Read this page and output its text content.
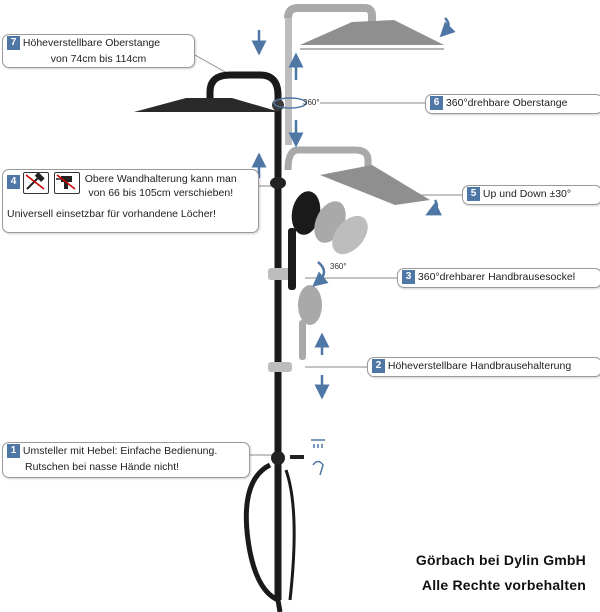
360°
360°
7 Höheverstellbare Oberstange
von 74cm bis 114cm
6 360°drehbare Oberstange
4	Obere Wandhalterung kann man
von 66 bis 105cm verschieben!
Universell einsetzbar für vorhandene Löcher!
5 Up und Down ±30°
3 360°drehbarer Handbrausesockel
2 Höheverstellbare Handbrausehalterung
1 Umsteller mit Hebel: Einfache Bedienung.
Rutschen bei nasse Hände nicht!
Görbach bei Dylin GmbH
Alle Rechte vorbehalten
